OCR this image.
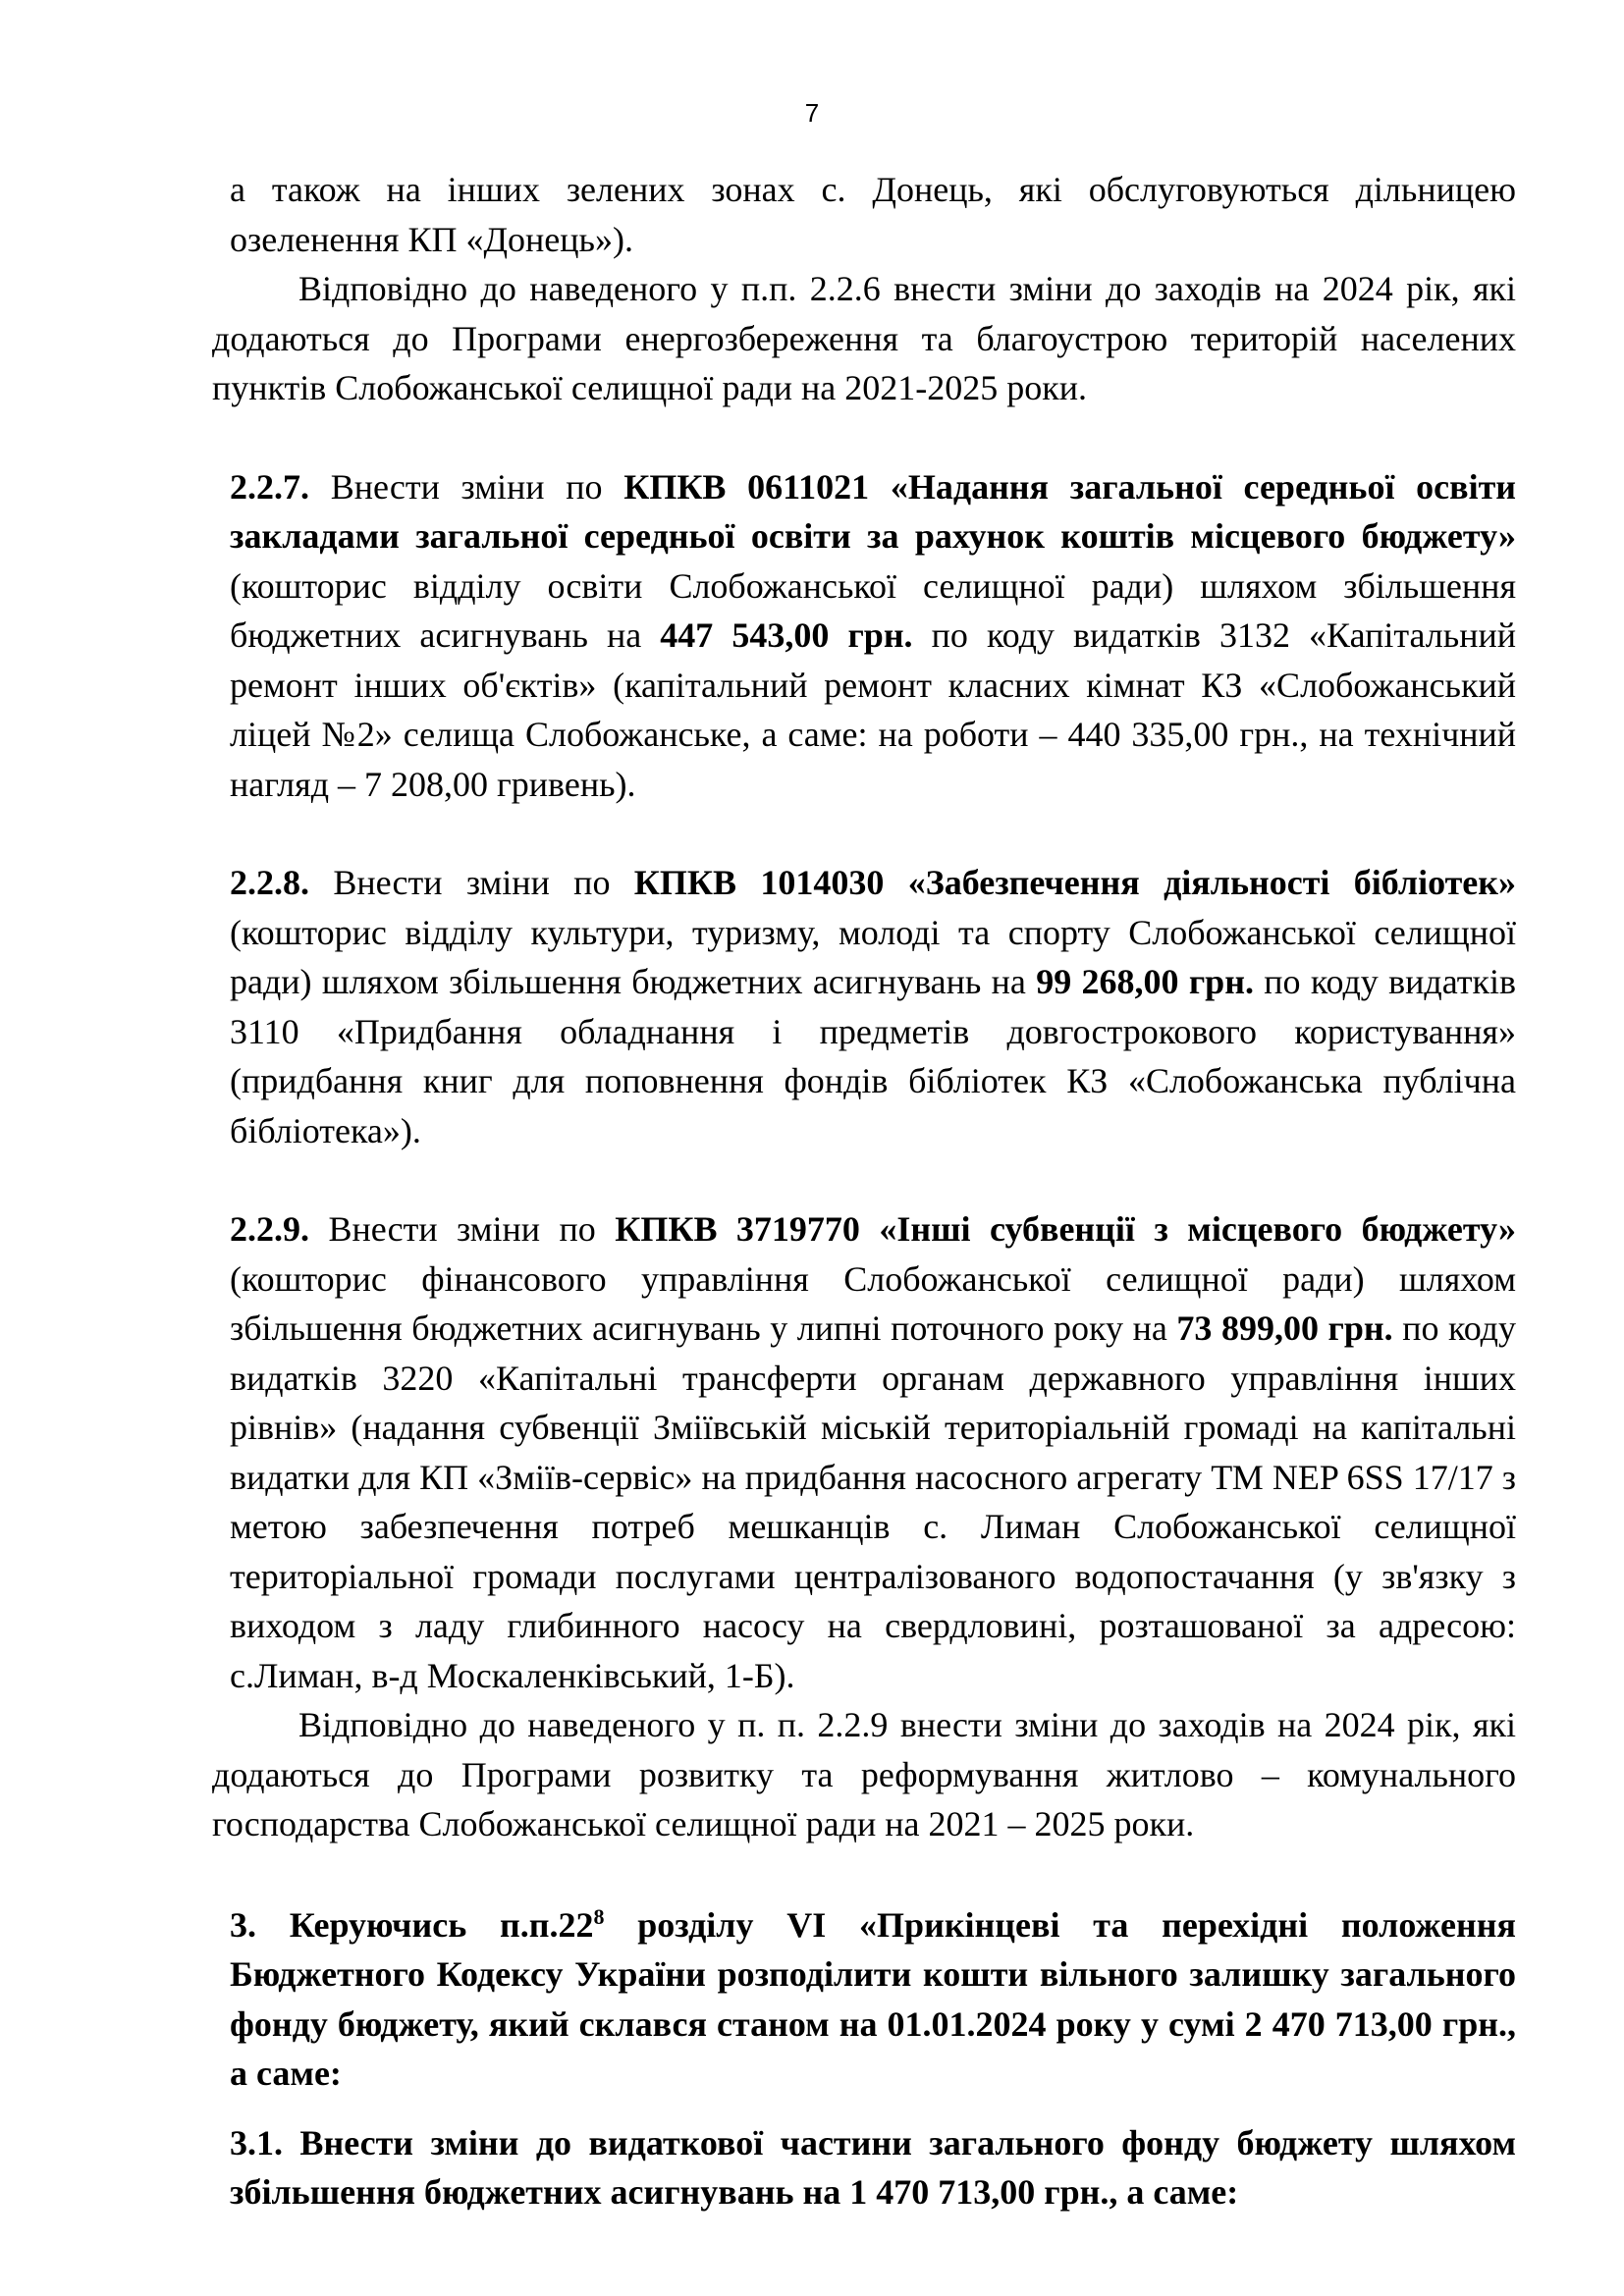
7

а також на інших зелених зонах с. Донець, які обслуговуються дільницею озеленення КП «Донець»).

Відповідно до наведеного у п.п. 2.2.6 внести зміни до заходів на 2024 рік, які додаються до Програми енергозбереження та благоустрою територій населених пунктів Слобожанської селищної ради на 2021-2025 роки.

2.2.7. Внести зміни по КПКВ 0611021 «Надання загальної середньої освіти закладами загальної середньої освіти за рахунок коштів місцевого бюджету» (кошторис відділу освіти Слобожанської селищної ради) шляхом збільшення бюджетних асигнувань на 447 543,00 грн. по коду видатків 3132 «Капітальний ремонт інших об'єктів» (капітальний ремонт класних кімнат КЗ «Слобожанський ліцей №2» селища Слобожанське, а саме: на роботи – 440 335,00 грн., на технічний нагляд – 7 208,00 гривень).

2.2.8. Внести зміни по КПКВ 1014030 «Забезпечення діяльності бібліотек» (кошторис відділу культури, туризму, молоді та спорту Слобожанської селищної ради) шляхом збільшення бюджетних асигнувань на 99 268,00 грн. по коду видатків 3110 «Придбання обладнання і предметів довгострокового користування» (придбання книг для поповнення фондів бібліотек КЗ «Слобожанська публічна бібліотека»).

2.2.9. Внести зміни по КПКВ 3719770 «Інші субвенції з місцевого бюджету» (кошторис фінансового управління Слобожанської селищної ради) шляхом збільшення бюджетних асигнувань у липні поточного року на 73 899,00 грн. по коду видатків 3220 «Капітальні трансферти органам державного управління інших рівнів» (надання субвенції Зміївській міській територіальній громаді на капітальні видатки для КП «Зміїв-сервіс» на придбання насосного агрегату ТМ NEP 6SS 17/17 з метою забезпечення потреб мешканців с. Лиман Слобожанської селищної територіальної громади послугами централізованого водопостачання (у зв'язку з виходом з ладу глибинного насосу на свердловині, розташованої за адресою: с.Лиман, в-д Москаленківський, 1-Б).

Відповідно до наведеного у п. п. 2.2.9 внести зміни до заходів на 2024 рік, які додаються до Програми розвитку та реформування житлово – комунального господарства Слобожанської селищної ради на 2021 – 2025 роки.

3. Керуючись $п.п.22^8$ розділу VI «Прикінцеві та перехідні положення Бюджетного Кодексу України розподілити кошти вільного залишку загального фонду бюджету, який склався станом на 01.01.2024 року у сумі 2 470 713,00 грн., а саме:

3.1. Внести зміни до видаткової частини загального фонду бюджету шляхом збільшення бюджетних асигнувань на 1 470 713,00 грн., а саме:
